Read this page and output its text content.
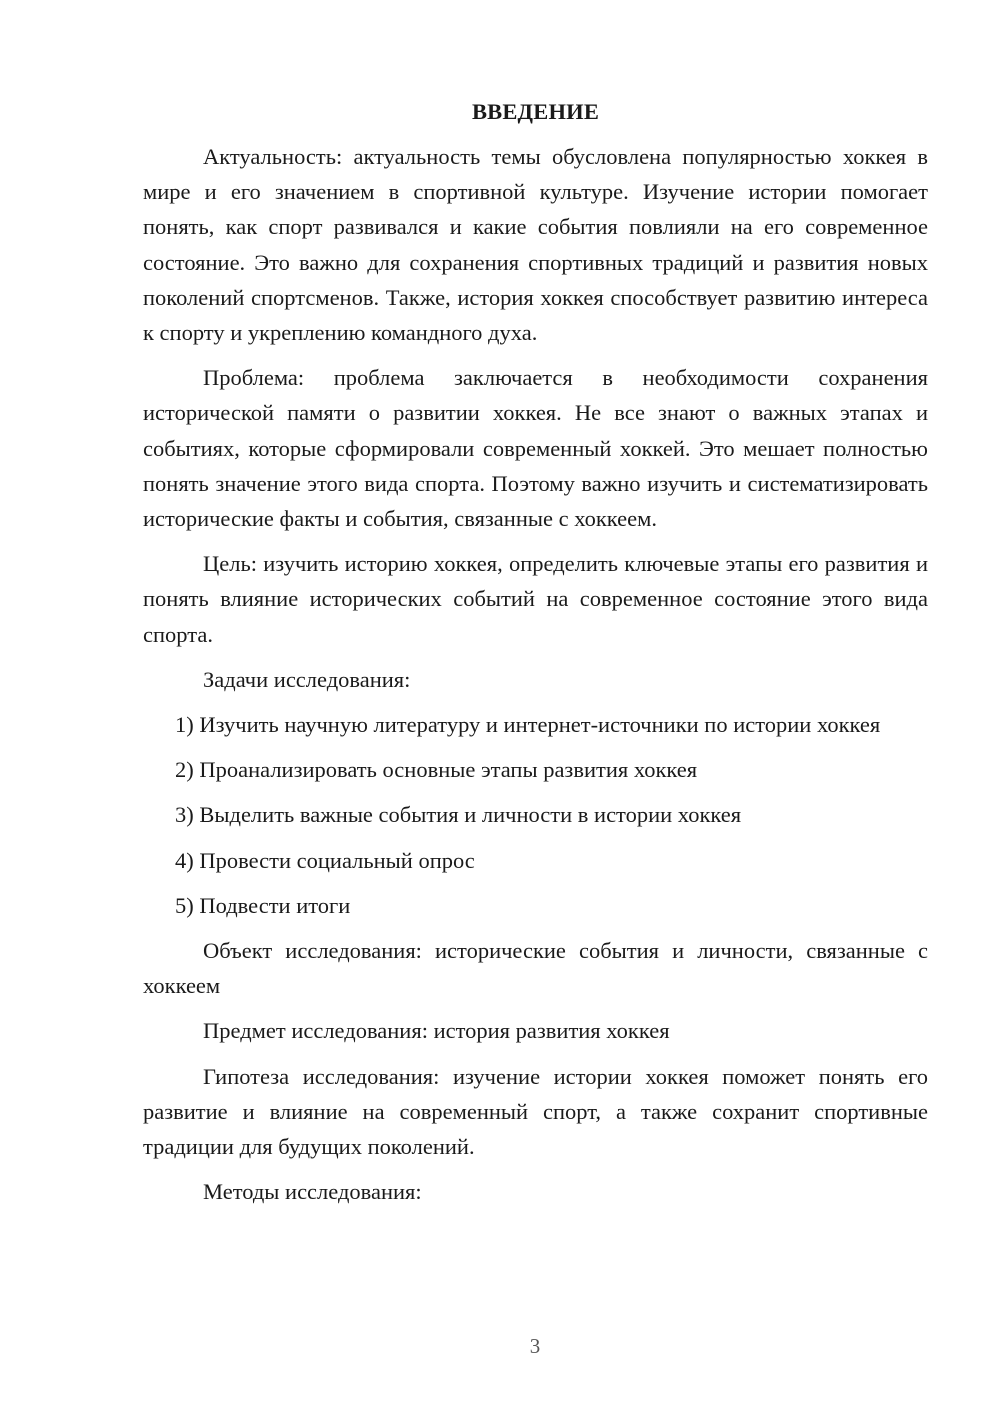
ВВЕДЕНИЕ

Актуальность: актуальность темы обусловлена популярностью хоккея в мире и его значением в спортивной культуре. Изучение истории помогает понять, как спорт развивался и какие события повлияли на его современное состояние. Это важно для сохранения спортивных традиций и развития новых поколений спортсменов. Также, история хоккея способствует развитию интереса к спорту и укреплению командного духа.

Проблема: проблема заключается в необходимости сохранения исторической памяти о развитии хоккея. Не все знают о важных этапах и событиях, которые сформировали современный хоккей. Это мешает полностью понять значение этого вида спорта. Поэтому важно изучить и систематизировать исторические факты и события, связанные с хоккеем.

Цель: изучить историю хоккея, определить ключевые этапы его развития и понять влияние исторических событий на современное состояние этого вида спорта.

Задачи исследования:

1) Изучить научную литературу и интернет-источники по истории хоккея

2) Проанализировать основные этапы развития хоккея

3) Выделить важные события и личности в истории хоккея

4) Провести социальный опрос

5) Подвести итоги

Объект исследования: исторические события и личности, связанные с хоккеем

Предмет исследования: история развития хоккея

Гипотеза исследования: изучение истории хоккея поможет понять его развитие и влияние на современный спорт, а также сохранит спортивные традиции для будущих поколений.

Методы исследования:

3
